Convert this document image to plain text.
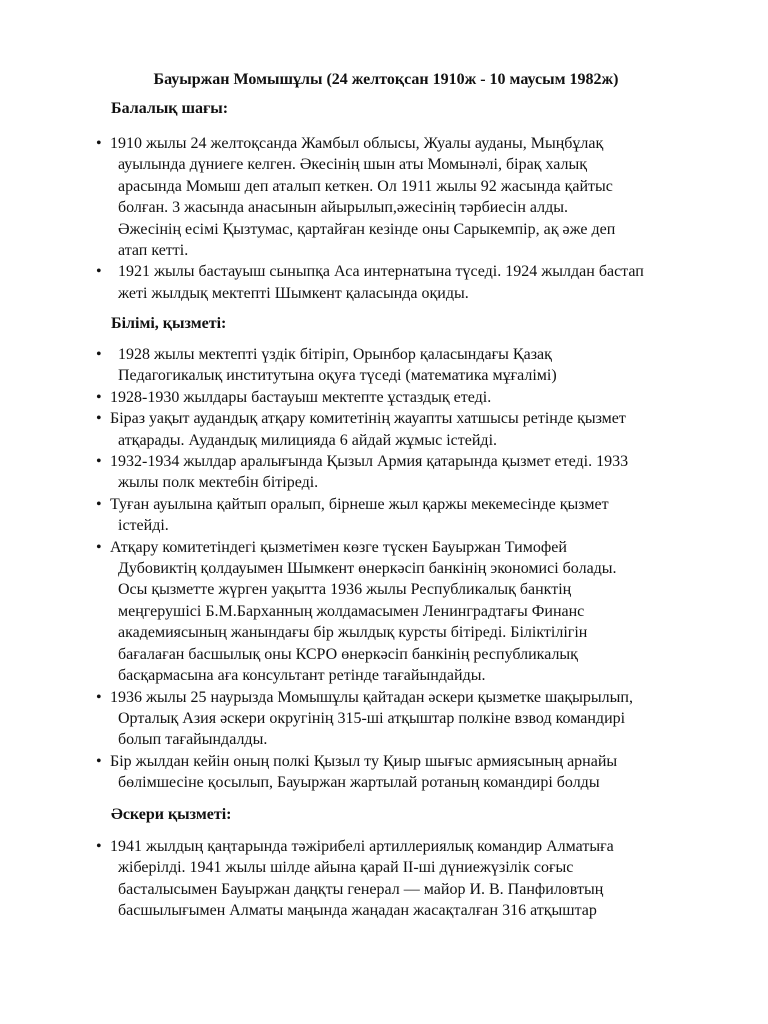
Бауыржан Момышұлы (24 желтоқсан 1910ж - 10 маусым 1982ж)
Балалық шағы:
• 1910 жылы 24 желтоқсанда Жамбыл облысы, Жуалы ауданы, Мыңбұлақ
ауылында дүниеге келген. Әкесінің шын аты Момынәлі, бірақ халық
арасында Момыш деп аталып кеткен. Ол 1911 жылы 92 жасында қайтыс
болған. 3 жасында анасынын айырылып,әжесінің тәрбиесін алды.
Әжесінің есімі Қызтумас, қартайған кезінде оны Сарыкемпір, ақ әже деп
атап кетті.
• 1921 жылы бастауыш сыныпқа Аса интернатына түседі. 1924 жылдан бастап
жеті жылдық мектепті Шымкент қаласында оқиды.
Білімі, қызметі:
• 1928 жылы мектепті үздік бітіріп, Орынбор қаласындағы Қазақ
Педагогикалық институтына оқуға түседі (математика мұғалімі)
• 1928-1930 жылдары бастауыш мектепте ұстаздық етеді.
• Біраз уақыт аудандық атқару комитетінің жауапты хатшысы ретінде қызмет
атқарады. Аудандық милицияда 6 айдай жұмыс істейді.
• 1932-1934 жылдар аралығында Қызыл Армия қатарында қызмет етеді. 1933
жылы полк мектебін бітіреді.
• Туған ауылына қайтып оралып, бірнеше жыл қаржы мекемесінде қызмет
істейді.
• Атқару комитетіндегі қызметімен көзге түскен Бауыржан Тимофей
Дубовиктің қолдауымен Шымкент өнеркәсіп банкінің экономисі болады.
Осы қызметте жүрген уақытта 1936 жылы Республикалық банктің
меңгерушісі Б.М.Барханның жолдамасымен Ленинградтағы Финанс
академиясының жанындағы бір жылдық курсты бітіреді. Біліктілігін
бағалаған басшылық оны КСРО өнеркәсіп банкінің республикалық
басқармасына аға консультант ретінде тағайындайды.
• 1936 жылы 25 наурызда Момышұлы қайтадан әскери қызметке шақырылып,
Орталық Азия әскери округінің 315-ші атқыштар полкіне взвод командирі
болып тағайындалды.
• Бір жылдан кейін оның полкі Қызыл ту Қиыр шығыс армиясының арнайы
бөлімшесіне қосылып, Бауыржан жартылай ротаның командирі болды
Әскери қызметі:
• 1941 жылдың қаңтарында тәжірибелі артиллериялық командир Алматыға
жіберілді. 1941 жылы шілде айына қарай ІІ-ші дүниежүзілік соғыс
басталысымен Бауыржан даңқты генерал — майор И. В. Панфиловтың
басшылығымен Алматы маңында жаңадан жасақталған 316 атқыштар
